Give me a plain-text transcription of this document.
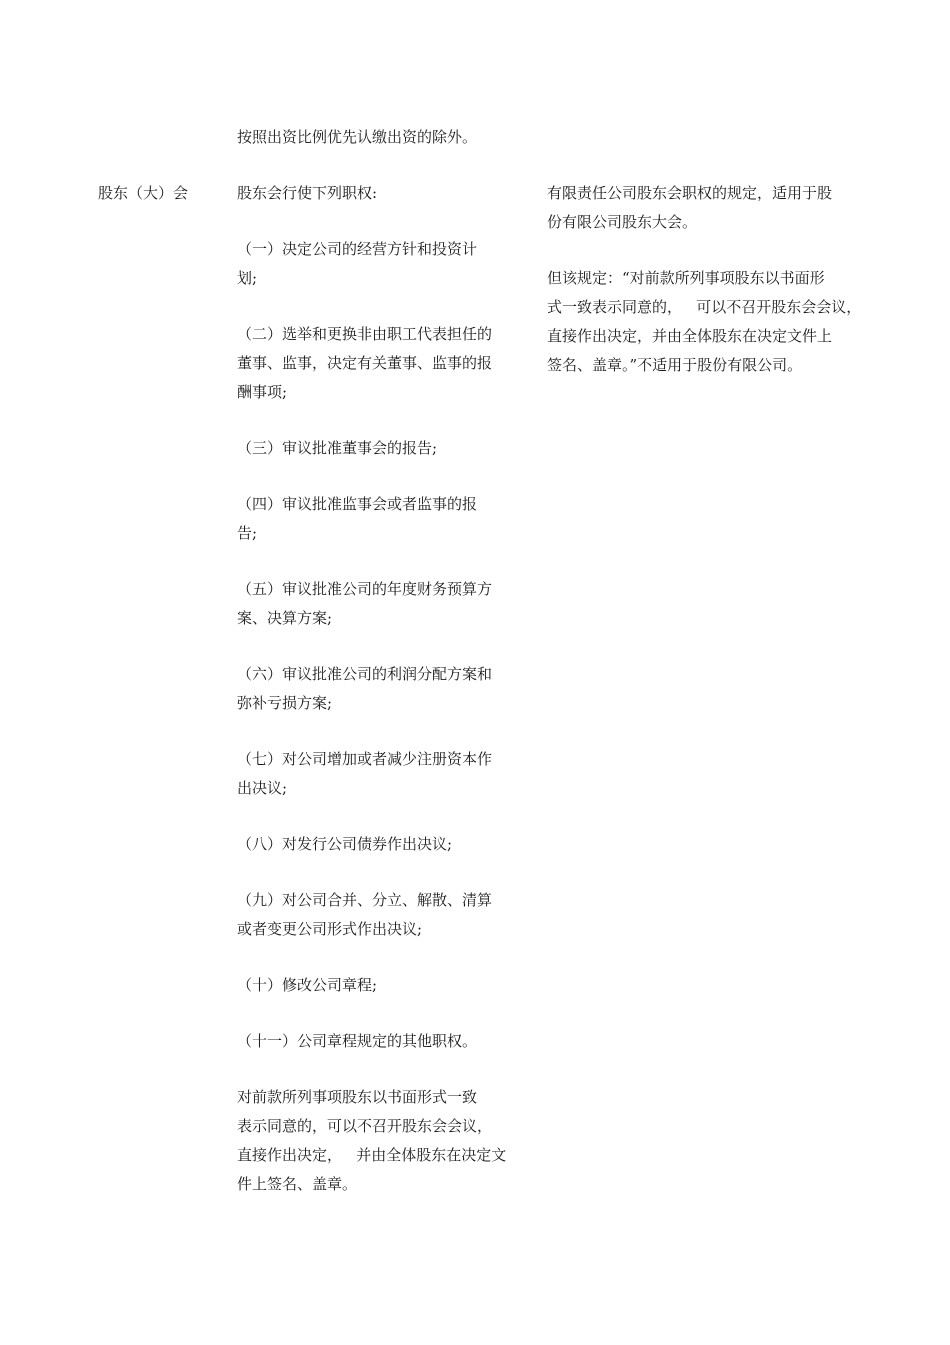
按照出资比例优先认缴出资的除外。
股东（大）会	股东会行使下列职权:
（一）决定公司的经营方针和投资计
划;
（二）选举和更换非由职工代表担任的
董事、监事，决定有关董事、监事的报
酬事项;
（三）审议批准董事会的报告;
（四）审议批准监事会或者监事的报
告;
（五）审议批准公司的年度财务预算方
案、决算方案;
（六）审议批准公司的利润分配方案和
弥补亏损方案;
（七）对公司增加或者减少注册资本作
出决议;
（八）对发行公司债券作出决议;
（九）对公司合并、分立、解散、清算
或者变更公司形式作出决议;
（十）修改公司章程;
（十一）公司章程规定的其他职权。
对前款所列事项股东以书面形式一致
表示同意的，可以不召开股东会会议，
直接作出决定，   并由全体股东在决定文
件上签名、盖章。
有限责任公司股东会职权的规定，适用于股
份有限公司股东大会。
但该规定：“对前款所列事项股东以书面形
式一致表示同意的，   可以不召开股东会会议，
直接作出决定，并由全体股东在决定文件上
签名、盖章。”不适用于股份有限公司。
